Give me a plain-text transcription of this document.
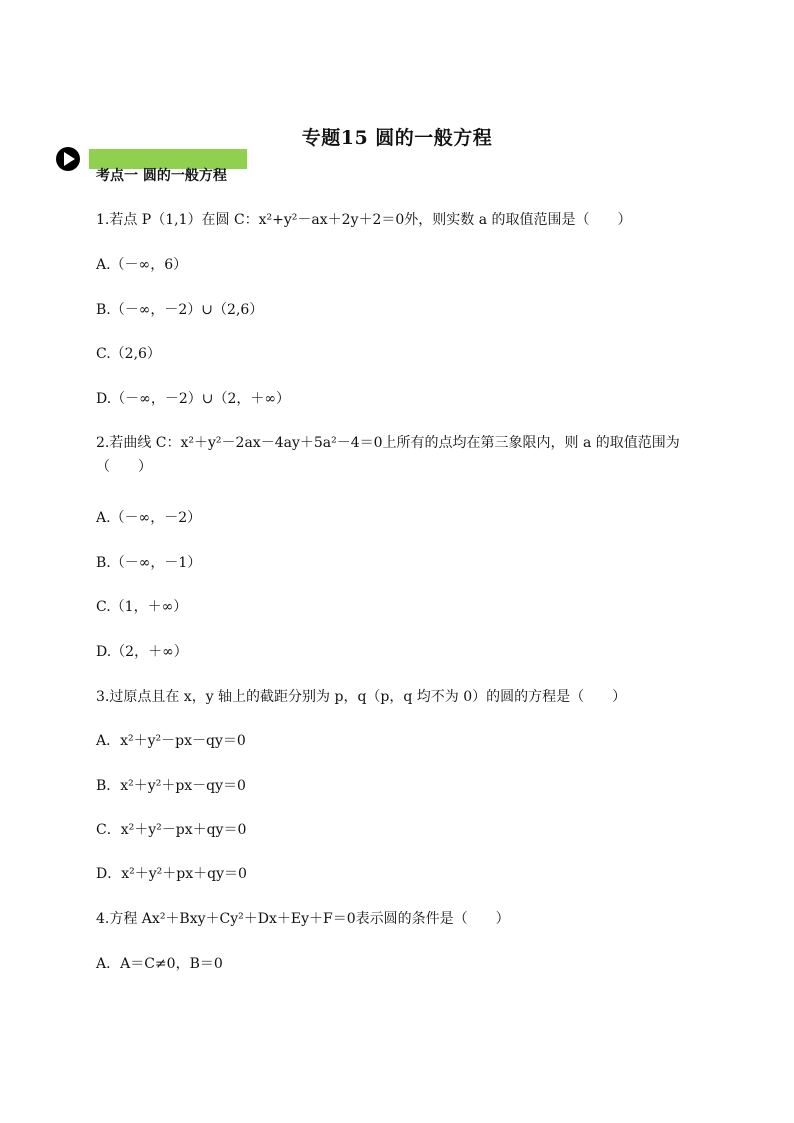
专题15 圆的一般方程
考点一 圆的一般方程
1.若点 P（1,1）在圆 C：x²+y²－ax＋2y＋2＝0外，则实数 a 的取值范围是（　　）
A.（－∞，6）
B.（－∞，－2）∪（2,6）
C.（2,6）
D.（－∞，－2）∪（2，＋∞）
2.若曲线 C：x²＋y²－2ax－4ay＋5a²－4＝0上所有的点均在第三象限内，则 a 的取值范围为（　　）
A.（－∞，－2）
B.（－∞，－1）
C.（1，＋∞）
D.（2，＋∞）
3.过原点且在 x，y 轴上的截距分别为 p，q（p，q 均不为 0）的圆的方程是（　　）
A．x²＋y²－px－qy＝0
B．x²＋y²＋px－qy＝0
C．x²＋y²－px＋qy＝0
D．x²＋y²＋px＋qy＝0
4.方程 Ax²＋Bxy＋Cy²＋Dx＋Ey＋F＝0表示圆的条件是（　　）
A．A＝C≠0，B＝0
